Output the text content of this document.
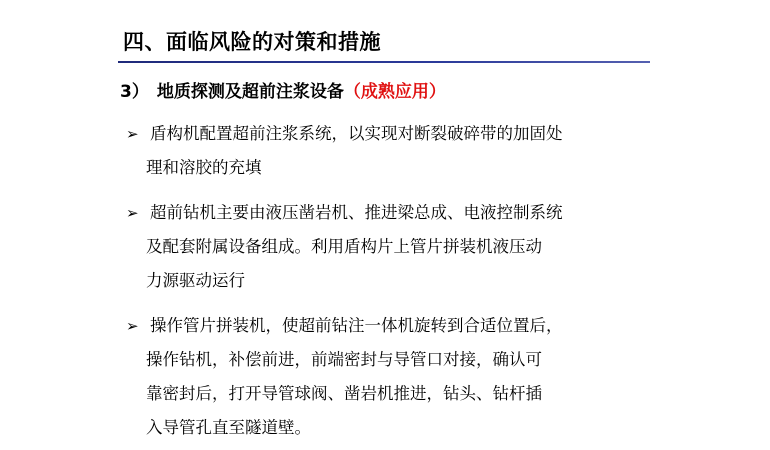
四、面临风险的对策和措施
3） 地质探测及超前注浆设备（成熟应用）
➢ 盾构机配置超前注浆系统，以实现对断裂破碎带的加固处
理和溶胶的充填
➢ 超前钻机主要由液压凿岩机、推进梁总成、电液控制系统
及配套附属设备组成。利用盾构片上管片拼装机液压动
力源驱动运行
➢ 操作管片拼装机，使超前钻注一体机旋转到合适位置后，
操作钻机，补偿前进，前端密封与导管口对接，确认可
靠密封后，打开导管球阀、凿岩机推进，钻头、钻杆插
入导管孔直至隧道壁。
